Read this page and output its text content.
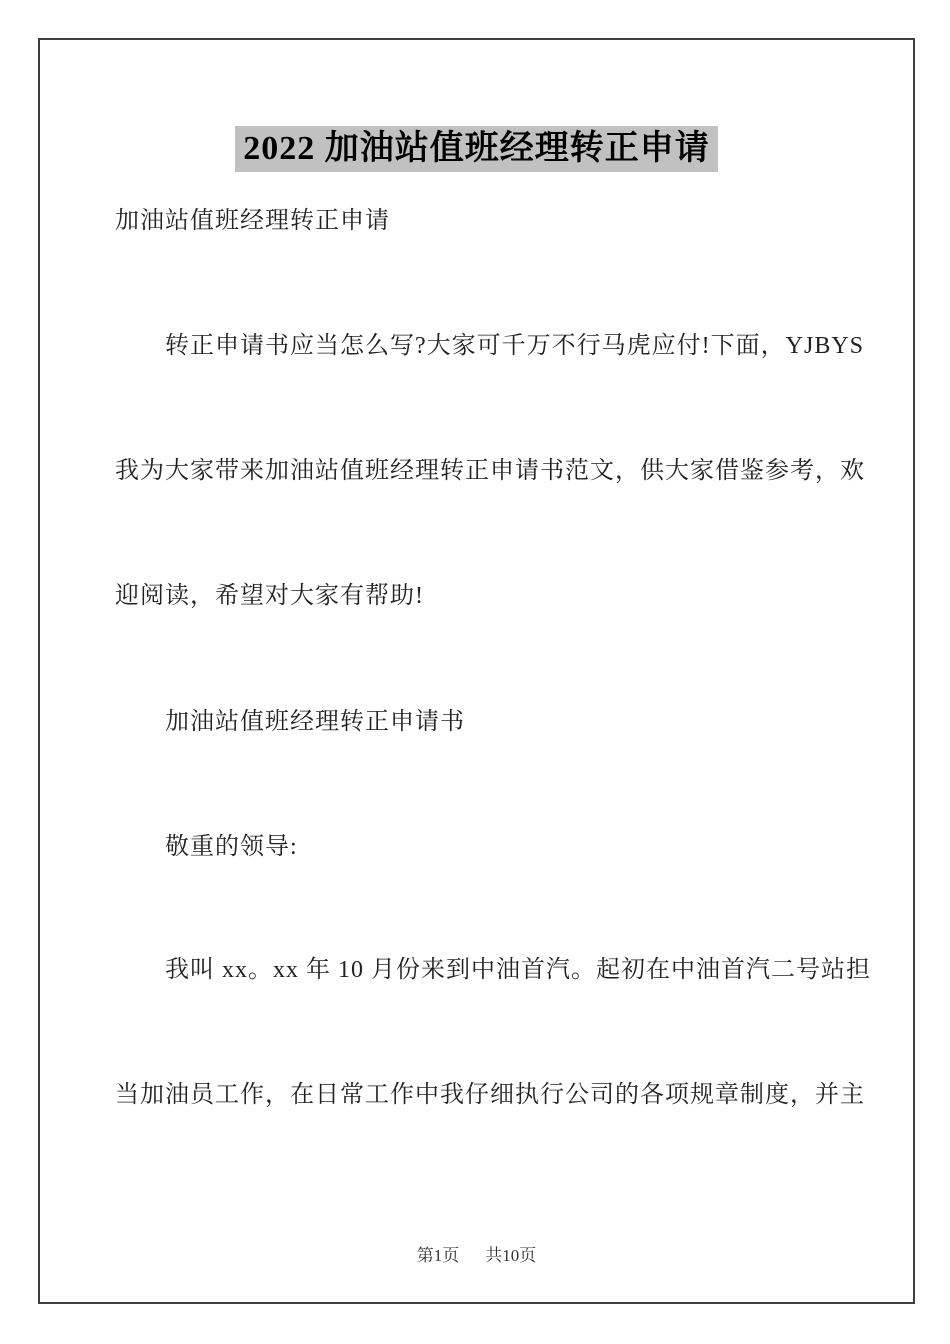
2022 加油站值班经理转正申请
加油站值班经理转正申请
转正申请书应当怎么写?大家可千万不行马虎应付!下面，YJBYS
我为大家带来加油站值班经理转正申请书范文，供大家借鉴参考，欢
迎阅读，希望对大家有帮助!
加油站值班经理转正申请书
敬重的领导:
我叫 xx。xx 年 10 月份来到中油首汽。起初在中油首汽二号站担
当加油员工作，在日常工作中我仔细执行公司的各项规章制度，并主
第1页 共10页
